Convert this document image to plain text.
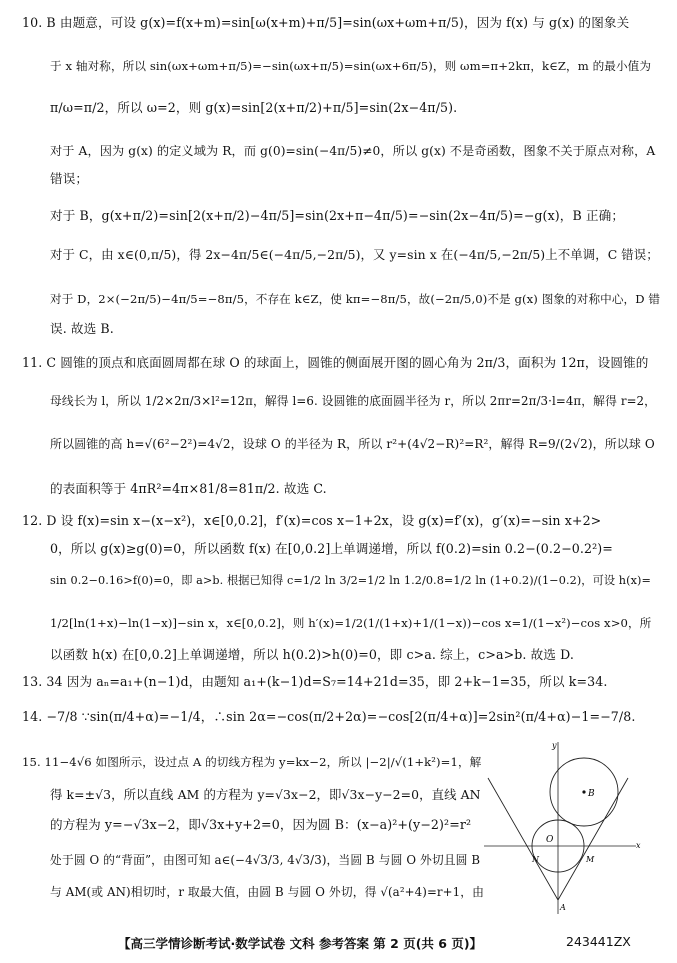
10. B 由题意，可设 g(x)=f(x+m)=sin[ω(x+m)+π/5]=sin(ωx+ωm+π/5)，因为 f(x) 与 g(x) 的图象关
于 x 轴对称，所以 sin(ωx+ωm+π/5)=−sin(ωx+π/5)=sin(ωx+6π/5)，则 ωm=π+2kπ，k∈Z，m 的最小值为
π/ω=π/2，所以 ω=2，则 g(x)=sin[2(x+π/2)+π/5]=sin(2x−4π/5).
对于 A，因为 g(x) 的定义域为 R，而 g(0)=sin(−4π/5)≠0，所以 g(x) 不是奇函数，图象不关于原点对称，A
错误；
对于 B，g(x+π/2)=sin[2(x+π/2)−4π/5]=sin(2x+π−4π/5)=−sin(2x−4π/5)=−g(x)，B 正确；
对于 C，由 x∈(0,π/5)，得 2x−4π/5∈(−4π/5,−2π/5)，又 y=sin x 在(−4π/5,−2π/5)上不单调，C 错误；
对于 D，2×(−2π/5)−4π/5=−8π/5，不存在 k∈Z，使 kπ=−8π/5，故(−2π/5,0)不是 g(x) 图象的对称中心，D 错
误. 故选 B.
11. C 圆锥的顶点和底面圆周都在球 O 的球面上，圆锥的侧面展开图的圆心角为 2π/3，面积为 12π，设圆锥的
母线长为 l，所以 1/2×2π/3×l²=12π，解得 l=6. 设圆锥的底面圆半径为 r，所以 2πr=2π/3·l=4π，解得 r=2，
所以圆锥的高 h=√(6²−2²)=4√2，设球 O 的半径为 R，所以 r²+(4√2−R)²=R²，解得 R=9/(2√2)，所以球 O
的表面积等于 4πR²=4π×81/8=81π/2. 故选 C.
12. D 设 f(x)=sin x−(x−x²)，x∈[0,0.2]，f′(x)=cos x−1+2x，设 g(x)=f′(x)，g′(x)=−sin x+2>
0，所以 g(x)≥g(0)=0，所以函数 f(x) 在[0,0.2]上单调递增，所以 f(0.2)=sin 0.2−(0.2−0.2²)=
sin 0.2−0.16>f(0)=0，即 a>b. 根据已知得 c=1/2 ln 3/2=1/2 ln 1.2/0.8=1/2 ln (1+0.2)/(1−0.2)，可设 h(x)=
1/2[ln(1+x)−ln(1−x)]−sin x，x∈[0,0.2]，则 h′(x)=1/2(1/(1+x)+1/(1−x))−cos x=1/(1−x²)−cos x>0，所
以函数 h(x) 在[0,0.2]上单调递增，所以 h(0.2)>h(0)=0，即 c>a. 综上，c>a>b. 故选 D.
13. 34 因为 aₙ=a₁+(n−1)d，由题知 a₁+(k−1)d=S₇=14+21d=35，即 2+k−1=35，所以 k=34.
14. −7/8 ∵sin(π/4+α)=−1/4，∴sin 2α=−cos(π/2+2α)=−cos[2(π/4+α)]=2sin²(π/4+α)−1=−7/8.
15. 11−4√6 如图所示，设过点 A 的切线方程为 y=kx−2，所以 |−2|/√(1+k²)=1，解
得 k=±√3，所以直线 AM 的方程为 y=√3x−2，即√3x−y−2=0，直线 AN
的方程为 y=−√3x−2，即√3x+y+2=0，因为圆 B：(x−a)²+(y−2)²=r²
处于圆 O 的“背面”，由图可知 a∈(−4√3/3, 4√3/3)，当圆 B 与圆 O 外切且圆 B
与 AM(或 AN)相切时，r 取最大值，由圆 B 与圆 O 外切，得 √(a²+4)=r+1，由
y
B
O
N	M
x
A
【高三学情诊断考试·数学试卷 文科 参考答案 第 2 页(共 6 页)】	243441ZX
